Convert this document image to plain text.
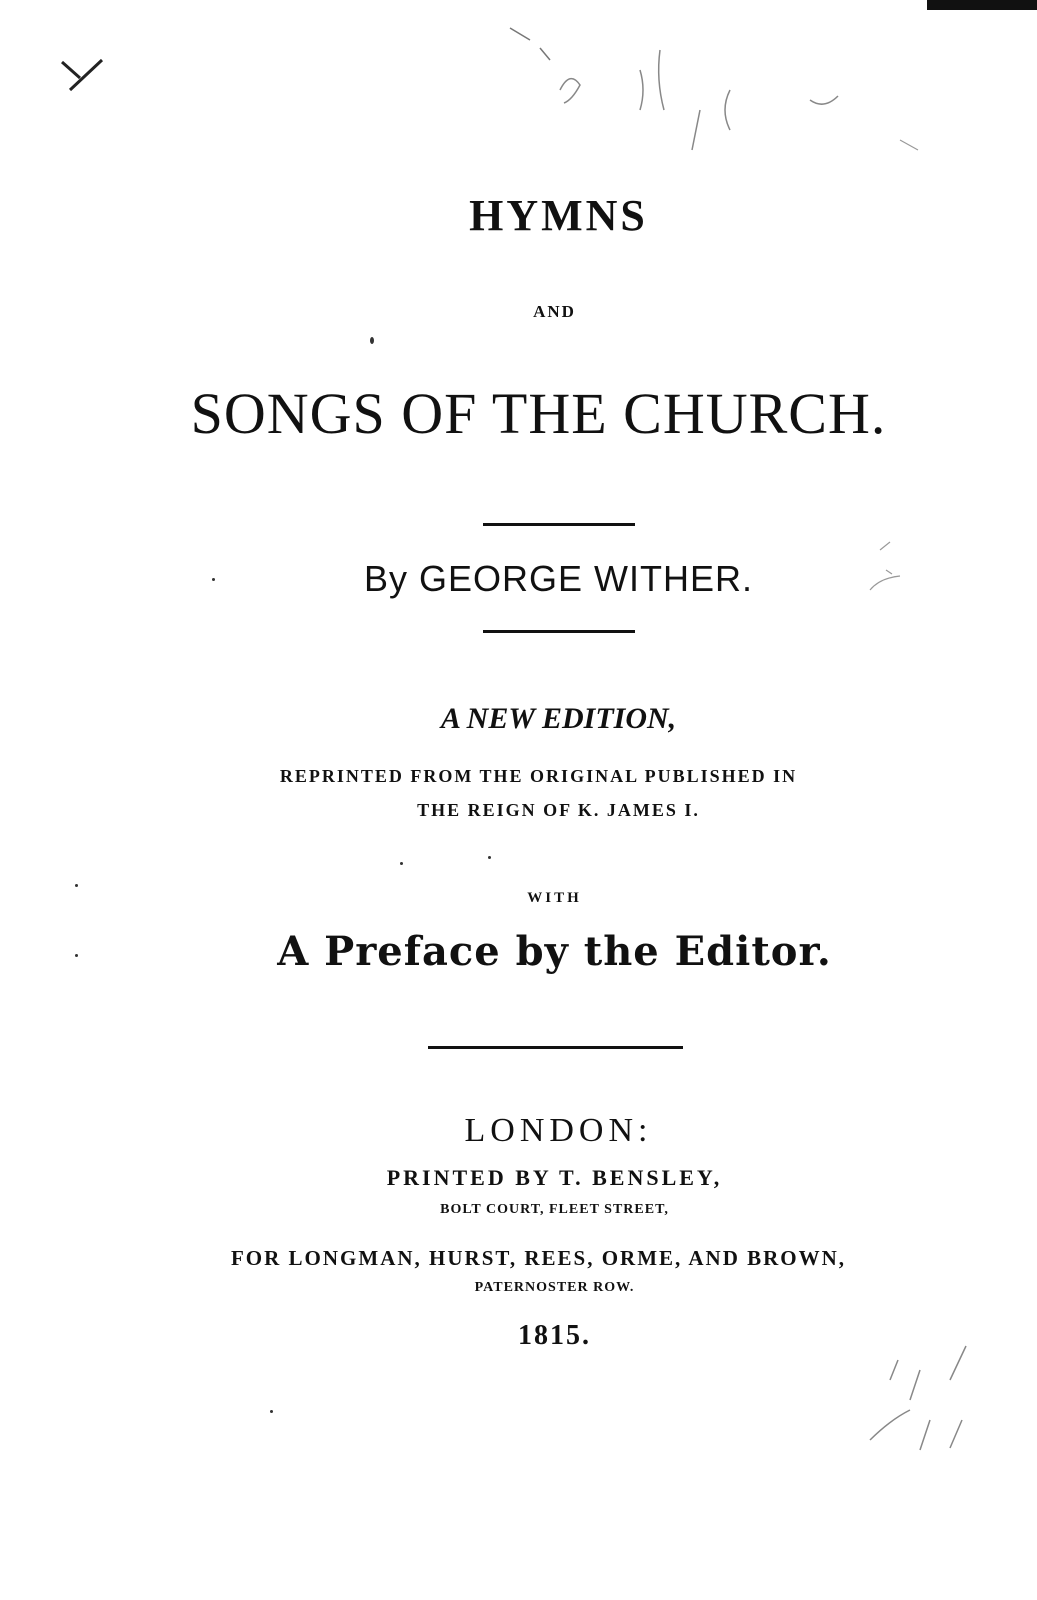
HYMNS
AND
SONGS OF THE CHURCH.
By GEORGE WITHER.
A NEW EDITION,
REPRINTED FROM THE ORIGINAL PUBLISHED IN
THE REIGN OF K. JAMES I.
WITH
A Preface by the Editor.
LONDON:
PRINTED BY T. BENSLEY,
BOLT COURT, FLEET STREET,
FOR LONGMAN, HURST, REES, ORME, AND BROWN,
PATERNOSTER ROW.
1815.
